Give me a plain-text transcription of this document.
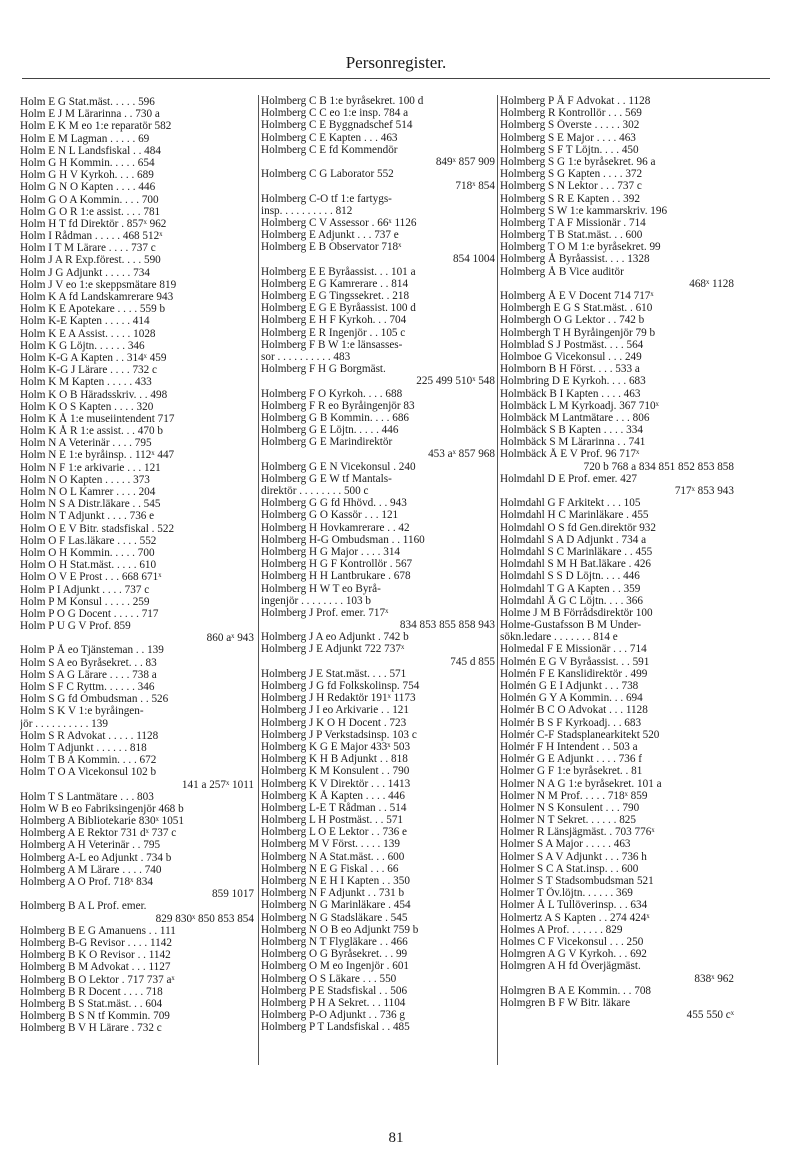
Personregister.
Holm E G Stat.mäst. . . . . 596
Holm E J M Lärarinna . . 730 a
Holm E K M eo 1:e reparatör 582
Holm E M Lagman . . . . . 69
Holm E N L Landsfiskal . . 484
Holm G H Kommin. . . . . 654
Holm G H V Kyrkoh. . . . 689
Holm G N O Kapten . . . . 446
Holm G O A Kommin. . . . 700
Holm G O R 1:e assist. . . . 781
Holm H T fd Direktör . 857ˣ 962
Holm I Rådman . . . . . 468 512ˣ
Holm I T M Lärare . . . . 737 c
Holm J A R Exp.förest. . . . 590
Holm J G Adjunkt . . . . . 734
Holm J V eo 1:e skeppsmätare 819
Holm K A fd Landskamrerare 943
Holm K E Apotekare . . . . 559 b
Holm K-E Kapten . . . . . 414
Holm K E A Assist. . . . . 1028
Holm K G Löjtn. . . . . . 346
Holm K-G A Kapten . . 314ˣ 459
Holm K-G J Lärare . . . . 732 c
Holm K M Kapten . . . . . 433
Holm K O B Häradsskriv. . . 498
Holm K O S Kapten . . . . 320
Holm K Å 1:e museiintendent 717
Holm K Å R 1:e assist. . . 470 b
Holm N A Veterinär . . . . 795
Holm N E 1:e byråinsp. . 112ˣ 447
Holm N F 1:e arkivarie . . . 121
Holm N O Kapten . . . . . 373
Holm N O L Kamrer . . . . 204
Holm N S A Distr.läkare . . 545
Holm N T Adjunkt . . . . 736 e
Holm O E V Bitr. stadsfiskal . 522
Holm O F Las.läkare . . . . 552
Holm O H Kommin. . . . . 700
Holm O H Stat.mäst. . . . . 610
Holm O V E Prost . . . 668 671ˣ
Holm P I Adjunkt . . . . 737 c
Holm P M Konsul . . . . . 259
Holm P O G Docent . . . . . 717
Holm P U G V Prof. 859
860 aˣ 943
Holm P Å eo Tjänsteman . . 139
Holm S A eo Byråsekret. . . 83
Holm S A G Lärare . . . . 738 a
Holm S F C Ryttm. . . . . . 346
Holm S G fd Ombudsman . . 526
Holm S K V 1:e byråingen-
jör . . . . . . . . . . 139
Holm S R Advokat . . . . . 1128
Holm T Adjunkt . . . . . . 818
Holm T B A Kommin. . . . 672
Holm T O A Vicekonsul 102 b
141 a 257ˣ 1011
Holm T S Lantmätare . . . 803
Holm W B eo Fabriksingenjör 468 b
Holmberg A Bibliotekarie 830ˣ 1051
Holmberg A E Rektor 731 dˣ 737 c
Holmberg A H Veterinär . . 795
Holmberg A-L eo Adjunkt . 734 b
Holmberg A M Lärare . . . . 740
Holmberg A O Prof. 718ˣ 834
859 1017
Holmberg B A L Prof. emer.
829 830ˣ 850 853 854
Holmberg B E G Amanuens . . 111
Holmberg B-G Revisor . . . . 1142
Holmberg B K O Revisor . . 1142
Holmberg B M Advokat . . . 1127
Holmberg B O Lektor . 717 737 aˣ
Holmberg B R Docent . . . . 718
Holmberg B S Stat.mäst. . . 604
Holmberg B S N tf Kommin. 709
Holmberg B V H Lärare . 732 c
Holmberg C B 1:e byråsekret. 100 d
Holmberg C C eo 1:e insp. 784 a
Holmberg C E Byggnadschef 514
Holmberg C E Kapten . . . 463
Holmberg C E fd Kommendör
849ˣ 857 909
Holmberg C G Laborator 552
718ˣ 854
Holmberg C-O tf 1:e fartygs-
insp. . . . . . . . . . 812
Holmberg C V Assessor . 66ˣ 1126
Holmberg E Adjunkt . . . 737 e
Holmberg E B Observator 718ˣ
854 1004
Holmberg E E Byråassist. . . 101 a
Holmberg E G Kamrerare . . 814
Holmberg E G Tingssekret. . 218
Holmberg E G E Byråassist. 100 d
Holmberg E H F Kyrkoh. . . 704
Holmberg E R Ingenjör . . 105 c
Holmberg F B W 1:e länsasses-
sor . . . . . . . . . . 483
Holmberg F H G Borgmäst.
225 499 510ˣ 548
Holmberg F O Kyrkoh. . . . 688
Holmberg F R eo Byråingenjör 83
Holmberg G B Kommin. . . . 686
Holmberg G E Löjtn. . . . . 446
Holmberg G E Marindirektör
453 aˣ 857 968
Holmberg G E N Vicekonsul . 240
Holmberg G E W tf Mantals-
direktör . . . . . . . . 500 c
Holmberg G G fd Hhövd. . . 943
Holmberg G O Kassör . . . 121
Holmberg H Hovkamrerare . . 42
Holmberg H-G Ombudsman . . 1160
Holmberg H G Major . . . . 314
Holmberg H G F Kontrollör . 567
Holmberg H H Lantbrukare . 678
Holmberg H W T eo Byrå-
ingenjör . . . . . . . . 103 b
Holmberg J Prof. emer. 717ˣ
834 853 855 858 943
Holmberg J A eo Adjunkt . 742 b
Holmberg J E Adjunkt 722 737ˣ
745 d 855
Holmberg J E Stat.mäst. . . . 571
Holmberg J G fd Folkskolinsp. 754
Holmberg J H Redaktör 191ˣ 1173
Holmberg J I eo Arkivarie . . 121
Holmberg J K O H Docent . 723
Holmberg J P Verkstadsinsp. 103 c
Holmberg K G E Major 433ˣ 503
Holmberg K H B Adjunkt . . 818
Holmberg K M Konsulent . . 790
Holmberg K V Direktör . . . 1413
Holmberg K Å Kapten . . . . 446
Holmberg L-E T Rådman . . 514
Holmberg L H Postmäst. . . 571
Holmberg L O E Lektor . . 736 e
Holmberg M V Först. . . . . 139
Holmberg N A Stat.mäst. . . 600
Holmberg N E G Fiskal . . . 66
Holmberg N E H I Kapten . . 350
Holmberg N F Adjunkt . . 731 b
Holmberg N G Marinläkare . 454
Holmberg N G Stadsläkare . 545
Holmberg N O B eo Adjunkt 759 b
Holmberg N T Flygläkare . . 466
Holmberg O G Byråsekret. . . 99
Holmberg O M eo Ingenjör . 601
Holmberg O S Läkare . . . 550
Holmberg P E Stadsfiskal . . 506
Holmberg P H A Sekret. . . 1104
Holmberg P-O Adjunkt . . 736 g
Holmberg P T Landsfiskal . . 485
Holmberg P Å F Advokat . . 1128
Holmberg R Kontrollör . . . 569
Holmberg S Överste . . . . . 302
Holmberg S E Major . . . . 463
Holmberg S F T Löjtn. . . . 450
Holmberg S G 1:e byråsekret. 96 a
Holmberg S G Kapten . . . . 372
Holmberg S N Lektor . . . 737 c
Holmberg S R E Kapten . . 392
Holmberg S W 1:e kammarskriv. 196
Holmberg T A F Missionär . 714
Holmberg T B Stat.mäst. . . 600
Holmberg T O M 1:e byråsekret. 99
Holmberg Å Byråassist. . . . 1328
Holmberg Å B Vice auditör
468ˣ 1128
Holmberg Å E V Docent 714 717ˣ
Holmbergh E G S Stat.mäst. . 610
Holmbergh O G Lektor . . 742 b
Holmbergh T H Byråingenjör 79 b
Holmblad S J Postmäst. . . . 564
Holmboe G Vicekonsul . . . 249
Holmborn B H Först. . . . 533 a
Holmbring D E Kyrkoh. . . . 683
Holmbäck B I Kapten . . . . 463
Holmbäck L M Kyrkoadj. 367 710ˣ
Holmbäck M Lantmätare . . . 806
Holmbäck S B Kapten . . . . 334
Holmbäck S M Lärarinna . . 741
Holmbäck Å E V Prof. 96 717ˣ
720 b 768 a 834 851 852 853 858
Holmdahl D E Prof. emer. 427
717ˣ 853 943
Holmdahl G F Arkitekt . . . 105
Holmdahl H C Marinläkare . 455
Holmdahl O S fd Gen.direktör 932
Holmdahl S A D Adjunkt . 734 a
Holmdahl S C Marinläkare . . 455
Holmdahl S M H Bat.läkare . 426
Holmdahl S S D Löjtn. . . . 446
Holmdahl T G A Kapten . . 359
Holmdahl Å G C Löjtn. . . . 366
Holme J M B Förrådsdirektör 100
Holme-Gustafsson B M Under-
sökn.ledare . . . . . . . 814 e
Holmedal F E Missionär . . . 714
Holmén E G V Byråassist. . . 591
Holmén F E Kanslidirektör . 499
Holmén G E I Adjunkt . . . 738
Holmén G Y A Kommin. . . 694
Holmér B C O Advokat . . . 1128
Holmér B S F Kyrkoadj. . . 683
Holmér C-F Stadsplanearkitekt 520
Holmér F H Intendent . . 503 a
Holmér G E Adjunkt . . . . 736 f
Holmer G F 1:e byråsekret. . 81
Holmer N A G 1:e byråsekret. 101 a
Holmer N M Prof. . . . . 718ˣ 859
Holmer N S Konsulent . . . 790
Holmer N T Sekret. . . . . . 825
Holmer R Länsjägmäst. . 703 776ˣ
Holmer S A Major . . . . . 463
Holmer S A V Adjunkt . . . 736 h
Holmer S C A Stat.insp. . . 600
Holmer S T Stadsombudsman 521
Holmer T Öv.löjtn. . . . . . 369
Holmer Å L Tullöverinsp. . . 634
Holmertz A S Kapten . . 274 424ˣ
Holmes A Prof. . . . . . . 829
Holmes C F Vicekonsul . . . 250
Holmgren A G V Kyrkoh. . . 692
Holmgren A H fd Överjägmäst.
838ˣ 962
Holmgren B A E Kommin. . . 708
Holmgren B F W Bitr. läkare
455 550 cˣ
81
